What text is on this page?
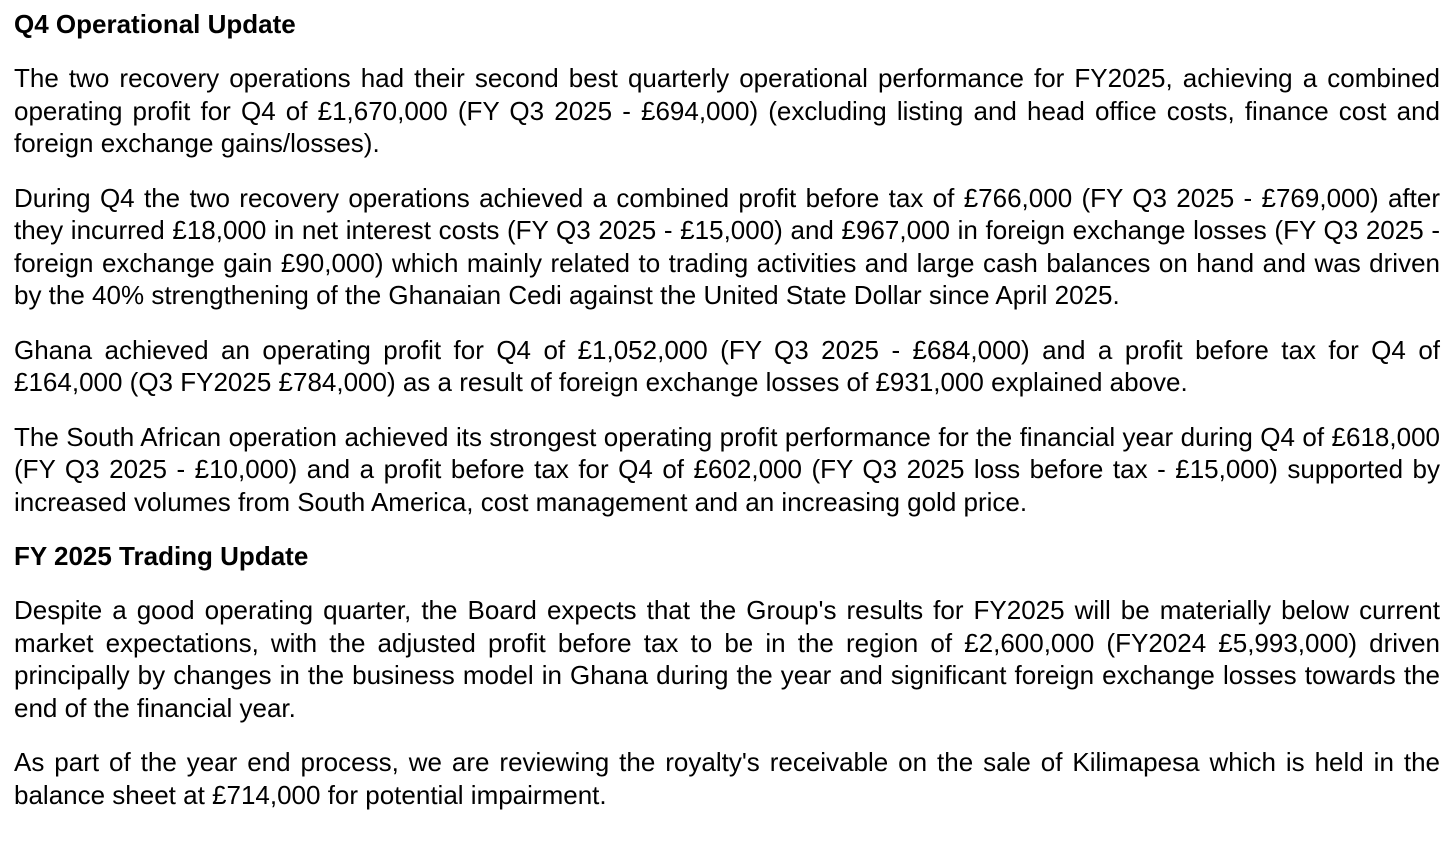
Q4 Operational Update

The two recovery operations had their second best quarterly operational performance for FY2025, achieving a combined operating profit for Q4 of £1,670,000 (FY Q3 2025 - £694,000) (excluding listing and head office costs, finance cost and foreign exchange gains/losses).

During Q4 the two recovery operations achieved a combined profit before tax of £766,000 (FY Q3 2025 - £769,000) after they incurred £18,000 in net interest costs (FY Q3 2025 - £15,000) and £967,000 in foreign exchange losses (FY Q3 2025 - foreign exchange gain £90,000) which mainly related to trading activities and large cash balances on hand and was driven by the 40% strengthening of the Ghanaian Cedi against the United State Dollar since April 2025.

Ghana achieved an operating profit for Q4 of £1,052,000 (FY Q3 2025 - £684,000) and a profit before tax for Q4 of £164,000 (Q3 FY2025 £784,000) as a result of foreign exchange losses of £931,000 explained above.

The South African operation achieved its strongest operating profit performance for the financial year during Q4 of £618,000 (FY Q3 2025 - £10,000) and a profit before tax for Q4 of £602,000 (FY Q3 2025 loss before tax - £15,000) supported by increased volumes from South America, cost management and an increasing gold price.

FY 2025 Trading Update

Despite a good operating quarter, the Board expects that the Group's results for FY2025 will be materially below current market expectations, with the adjusted profit before tax to be in the region of £2,600,000 (FY2024 £5,993,000) driven principally by changes in the business model in Ghana during the year and significant foreign exchange losses towards the end of the financial year.

As part of the year end process, we are reviewing the royalty's receivable on the sale of Kilimapesa which is held in the balance sheet at £714,000 for potential impairment.
